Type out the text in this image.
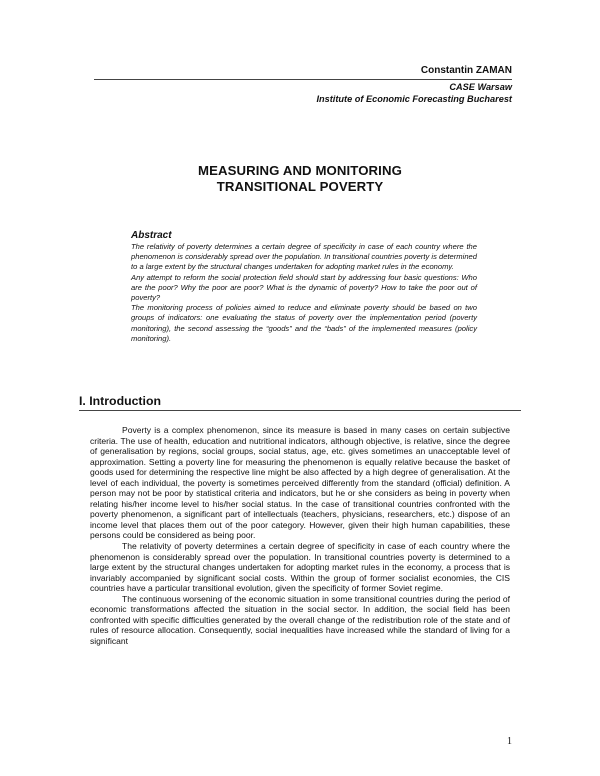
Constantin ZAMAN
CASE Warsaw
Institute of Economic Forecasting Bucharest
MEASURING AND MONITORING
TRANSITIONAL POVERTY
Abstract
The relativity of poverty determines a certain degree of specificity in case of each country where the phenomenon is considerably spread over the population. In transitional countries poverty is determined to a large extent by the structural changes undertaken for adopting market rules in the economy.
Any attempt to reform the social protection field should start by addressing four basic questions: Who are the poor? Why the poor are poor? What is the dynamic of poverty? How to take the poor out of poverty?
The monitoring process of policies aimed to reduce and eliminate poverty should be based on two groups of indicators: one evaluating the status of poverty over the implementation period (poverty monitoring), the second assessing the “goods” and the “bads” of the implemented measures (policy monitoring).
I. Introduction

Poverty is a complex phenomenon, since its measure is based in many cases on certain subjective criteria. The use of health, education and nutritional indicators, although objective, is relative, since the degree of generalisation by regions, social groups, social status, age, etc. gives sometimes an unacceptable level of approximation. Setting a poverty line for measuring the phenomenon is equally relative because the basket of goods used for determining the respective line might be also affected by a high degree of generalisation. At the level of each individual, the poverty is sometimes perceived differently from the standard (official) definition. A person may not be poor by statistical criteria and indicators, but he or she considers as being in poverty when relating his/her income level to his/her social status. In the case of transitional countries confronted with the poverty phenomenon, a significant part of intellectuals (teachers, physicians, researchers, etc.) dispose of an income level that places them out of the poor category. However, given their high human capabilities, these persons could be considered as being poor.

The relativity of poverty determines a certain degree of specificity in case of each country where the phenomenon is considerably spread over the population. In transitional countries poverty is determined to a large extent by the structural changes undertaken for adopting market rules in the economy, a process that is invariably accompanied by significant social costs. Within the group of former socialist economies, the CIS countries have a particular transitional evolution, given the specificity of former Soviet regime.

The continuous worsening of the economic situation in some transitional countries during the period of economic transformations affected the situation in the social sector. In addition, the social field has been confronted with specific difficulties generated by the overall change of the redistribution role of the state and of rules of resource allocation. Consequently, social inequalities have increased while the standard of living for a significant

1
